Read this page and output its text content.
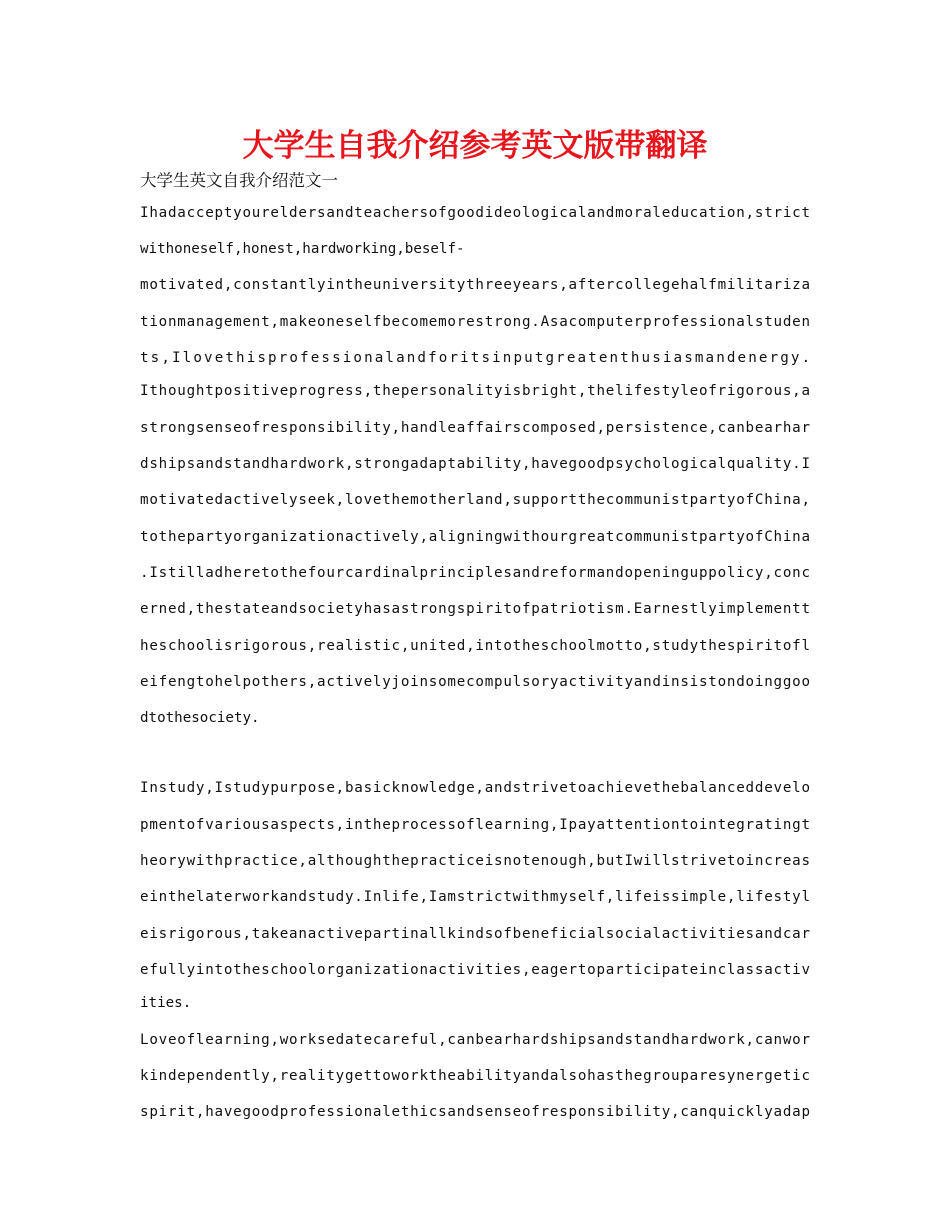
大学生自我介绍参考英文版带翻译
大学生英文自我介绍范文一
Ihadacceptyoureldersandteachersofgoodideologicalandmoraleducation,strict
withoneself,honest,hardworking,beself-
motivated,constantlyintheuniversitythreeyears,aftercollegehalfmilitariza
tionmanagement,makeoneselfbecomemorestrong.Asacomputerprofessionalstuden
ts,Ilovethisprofessionalandforitsinputgreatenthusiasmandenergy.
Ithoughtpositiveprogress,thepersonalityisbright,thelifestyleofrigorous,a
strongsenseofresponsibility,handleaffairscomposed,persistence,canbearhar
dshipsandstandhardwork,strongadaptability,havegoodpsychologicalquality.I
motivatedactivelyseek,lovethemotherland,supportthecommunistpartyofChina,
tothepartyorganizationactively,aligningwithourgreatcommunistpartyofChina
.Istilladheretothefourcardinalprinciplesandreformandopeninguppolicy,conc
erned,thestateandsocietyhasastrongspiritofpatriotism.Earnestlyimplementt
heschoolisrigorous,realistic,united,intotheschoolmotto,studythespiritofl
eifengtohelpothers,activelyjoinsomecompulsoryactivityandinsistondoinggoo
dtothesociety.
Instudy,Istudypurpose,basicknowledge,andstrivetoachievethebalanceddevelo
pmentofvariousaspects,intheprocessoflearning,Ipayattentiontointegratingt
heorywithpractice,althoughthepracticeisnotenough,butIwillstrivetoincreas
einthelaterworkandstudy.Inlife,Iamstrictwithmyself,lifeissimple,lifestyl
eisrigorous,takeanactivepartinallkindsofbeneficialsocialactivitiesandcar
efullyintotheschoolorganizationactivities,eagertoparticipateinclassactiv
ities.
Loveoflearning,worksedatecareful,canbearhardshipsandstandhardwork,canwor
kindependently,realitygettoworktheabilityandalsohasthegrouparesynergetic
spirit,havegoodprofessionalethicsandsenseofresponsibility,canquicklyadap
